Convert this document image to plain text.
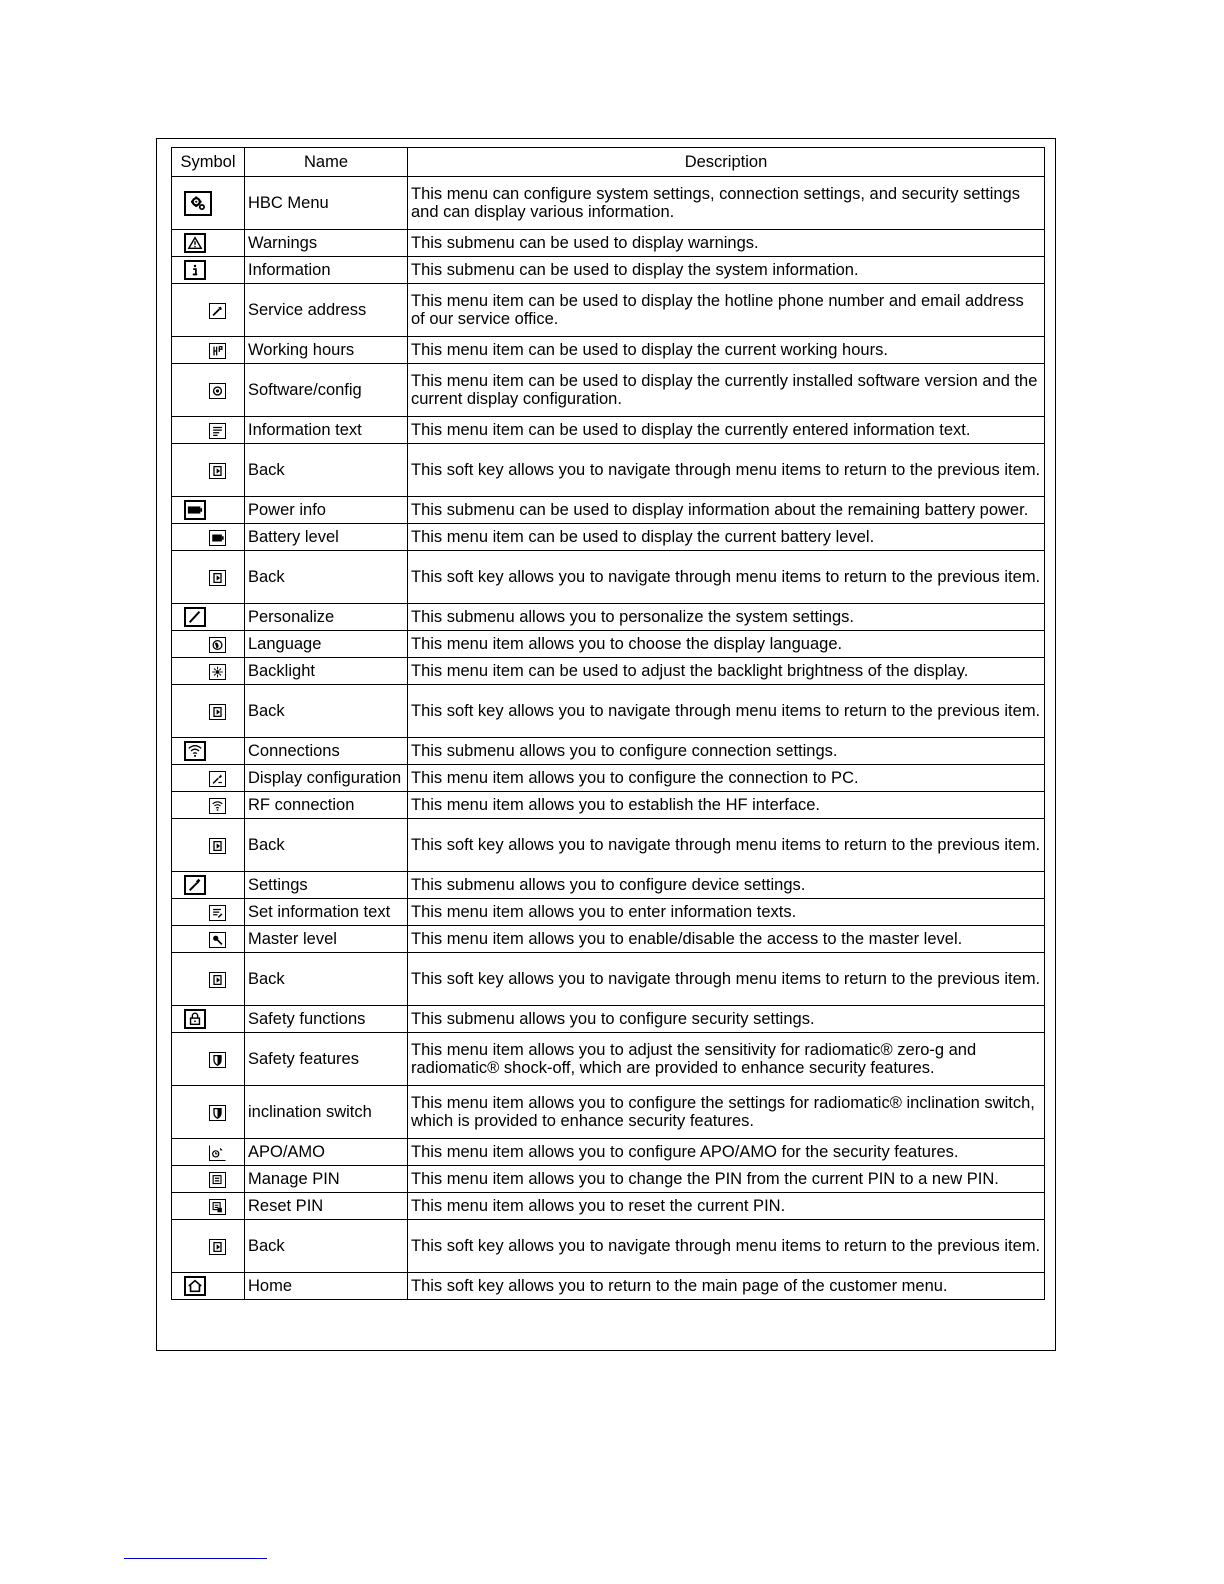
Symbol	Name	Description

	HBC Menu	This menu can configure system settings, connection settings, and security settings and can display various information.

	Warnings	This submenu can be used to display warnings.

	Information	This submenu can be used to display the system information.

	Service address	This menu item can be used to display the hotline phone number and email address of our service office.

	Working hours	This menu item can be used to display the current working hours.

	Software/config	This menu item can be used to display the currently installed software version and the current display configuration.

	Information text	This menu item can be used to display the currently entered information text.

	Back	This soft key allows you to navigate through menu items to return to the previous item.

	Power info	This submenu can be used to display information about the remaining battery power.

	Battery level	This menu item can be used to display the current battery level.

	Back	This soft key allows you to navigate through menu items to return to the previous item.

	Personalize	This submenu allows you to personalize the system settings.

	Language	This menu item allows you to choose the display language.

	Backlight	This menu item can be used to adjust the backlight brightness of the display.

	Back	This soft key allows you to navigate through menu items to return to the previous item.

	Connections	This submenu allows you to configure connection settings.

	Display configuration	This menu item allows you to configure the connection to PC.

	RF connection	This menu item allows you to establish the HF interface.

	Back	This soft key allows you to navigate through menu items to return to the previous item.

	Settings	This submenu allows you to configure device settings.

	Set information text	This menu item allows you to enter information texts.

	Master level	This menu item allows you to enable/disable the access to the master level.

	Back	This soft key allows you to navigate through menu items to return to the previous item.

	Safety functions	This submenu allows you to configure security settings.

	Safety features	This menu item allows you to adjust the sensitivity for radiomatic® zero-g and radiomatic® shock-off, which are provided to enhance security features.

	inclination switch	This menu item allows you to configure the settings for radiomatic® inclination switch, which is provided to enhance security features.

	APO/AMO	This menu item allows you to configure APO/AMO for the security features.

	Manage PIN	This menu item allows you to change the PIN from the current PIN to a new PIN.

	Reset PIN	This menu item allows you to reset the current PIN.

	Back	This soft key allows you to navigate through menu items to return to the previous item.

	Home	This soft key allows you to return to the main page of the customer menu.
